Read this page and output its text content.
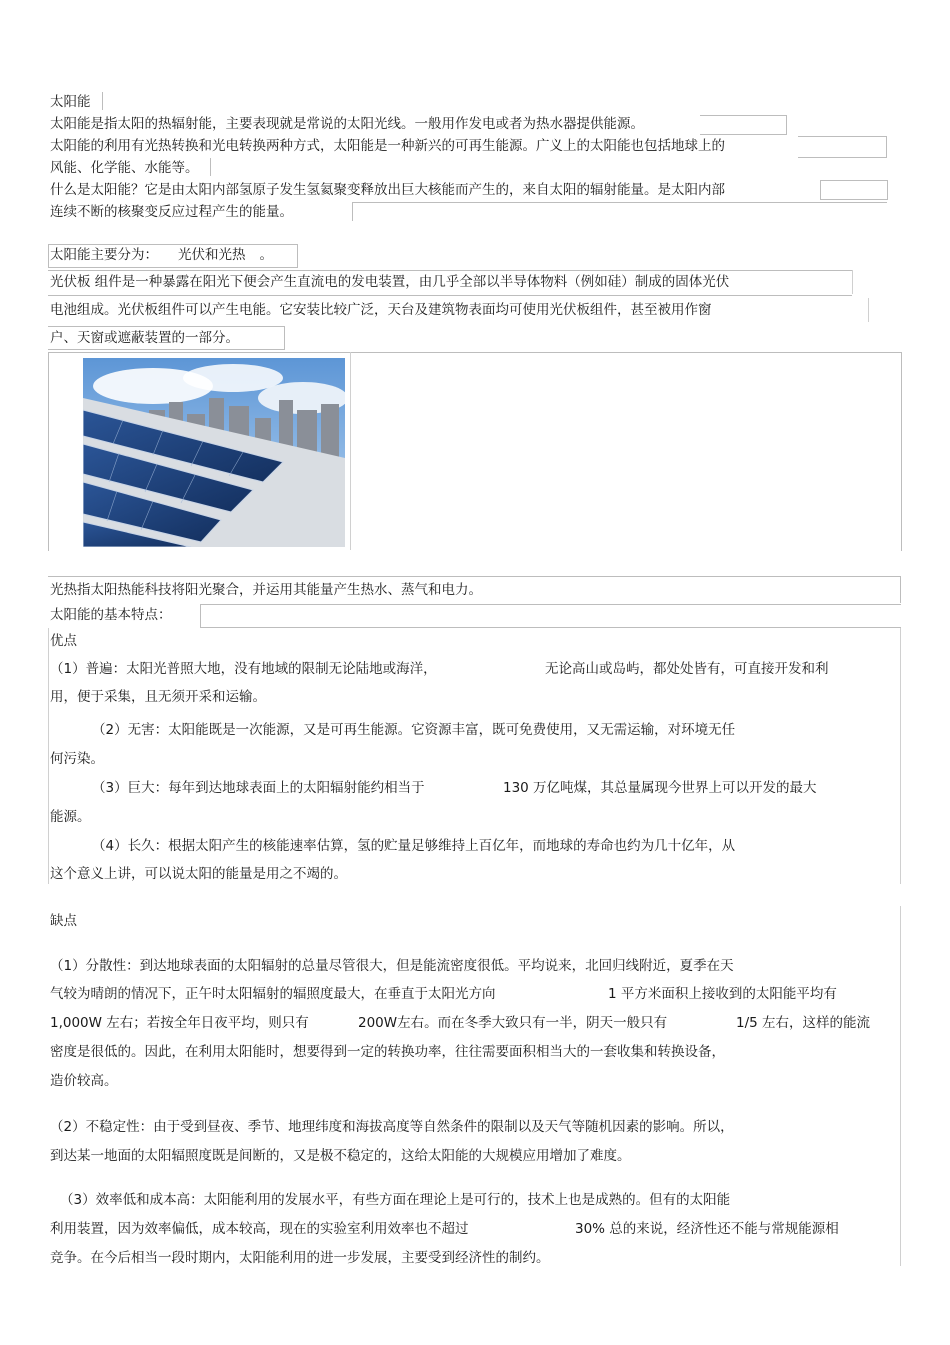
太阳能
太阳能是指太阳的热辐射能，主要表现就是常说的太阳光线。一般用作发电或者为热水器提供能源。
太阳能的利用有光热转换和光电转换两种方式，太阳能是一种新兴的可再生能源。广义上的太阳能也包括地球上的
风能、化学能、水能等。
什么是太阳能？它是由太阳内部氢原子发生氢氦聚变释放出巨大核能而产生的，来自太阳的辐射能量。是太阳内部
连续不断的核聚变反应过程产生的能量。
太阳能主要分为： 光伏和光热 。
光伏板 组件是一种暴露在阳光下便会产生直流电的发电装置，由几乎全部以半导体物料（例如硅）制成的固体光伏
电池组成。光伏板组件可以产生电能。它安装比较广泛，天台及建筑物表面均可使用光伏板组件，甚至被用作窗
户、天窗或遮蔽装置的一部分。
光热指太阳热能科技将阳光聚合，并运用其能量产生热水、蒸气和电力。
太阳能的基本特点：
优点
（1）普遍：太阳光普照大地，没有地域的限制无论陆地或海洋，	无论高山或岛屿，都处处皆有，可直接开发和利
用，便于采集，且无须开采和运输。
（2）无害：太阳能既是一次能源，又是可再生能源。它资源丰富，既可免费使用，又无需运输，对环境无任
何污染。
（3）巨大：每年到达地球表面上的太阳辐射能约相当于	130 万亿吨煤，其总量属现今世界上可以开发的最大
能源。
（4）长久：根据太阳产生的核能速率估算，氢的贮量足够维持上百亿年，而地球的寿命也约为几十亿年，从
这个意义上讲，可以说太阳的能量是用之不竭的。
缺点
（1）分散性：到达地球表面的太阳辐射的总量尽管很大，但是能流密度很低。平均说来，北回归线附近，夏季在天
气较为晴朗的情况下，正午时太阳辐射的辐照度最大，在垂直于太阳光方向	1 平方米面积上接收到的太阳能平均有
1,000W 左右；若按全年日夜平均，则只有	200W左右。而在冬季大致只有一半，阴天一般只有	1/5 左右，这样的能流
密度是很低的。因此，在利用太阳能时，想要得到一定的转换功率，往往需要面积相当大的一套收集和转换设备，
造价较高。
（2）不稳定性：由于受到昼夜、季节、地理纬度和海拔高度等自然条件的限制以及天气等随机因素的影响。所以，
到达某一地面的太阳辐照度既是间断的，又是极不稳定的，这给太阳能的大规模应用增加了难度。
（3）效率低和成本高：太阳能利用的发展水平，有些方面在理论上是可行的，技术上也是成熟的。但有的太阳能
利用装置，因为效率偏低，成本较高，现在的实验室利用效率也不超过	30% 总的来说，经济性还不能与常规能源相
竞争。在今后相当一段时期内，太阳能利用的进一步发展，主要受到经济性的制约。
